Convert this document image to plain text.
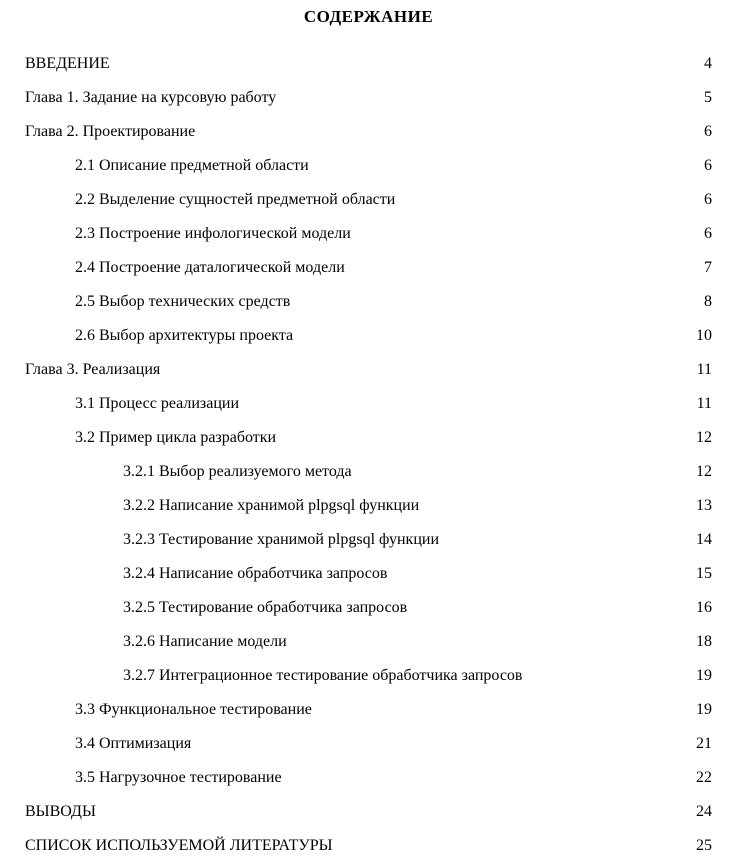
СОДЕРЖАНИЕ
ВВЕДЕНИЕ	4
Глава 1. Задание на курсовую работу	5
Глава 2. Проектирование	6
2.1 Описание предметной области	6
2.2 Выделение сущностей предметной области	6
2.3 Построение инфологической модели	6
2.4 Построение даталогической модели	7
2.5 Выбор технических средств	8
2.6 Выбор архитектуры проекта	10
Глава 3. Реализация	11
3.1 Процесс реализации	11
3.2 Пример цикла разработки	12
3.2.1 Выбор реализуемого метода	12
3.2.2 Написание хранимой plpgsql функции	13
3.2.3 Тестирование хранимой plpgsql функции	14
3.2.4 Написание обработчика запросов	15
3.2.5 Тестирование обработчика запросов	16
3.2.6 Написание модели	18
3.2.7 Интеграционное тестирование обработчика запросов	19
3.3 Функциональное тестирование	19
3.4 Оптимизация	21
3.5 Нагрузочное тестирование	22
ВЫВОДЫ	24
СПИСОК ИСПОЛЬЗУЕМОЙ ЛИТЕРАТУРЫ	25
